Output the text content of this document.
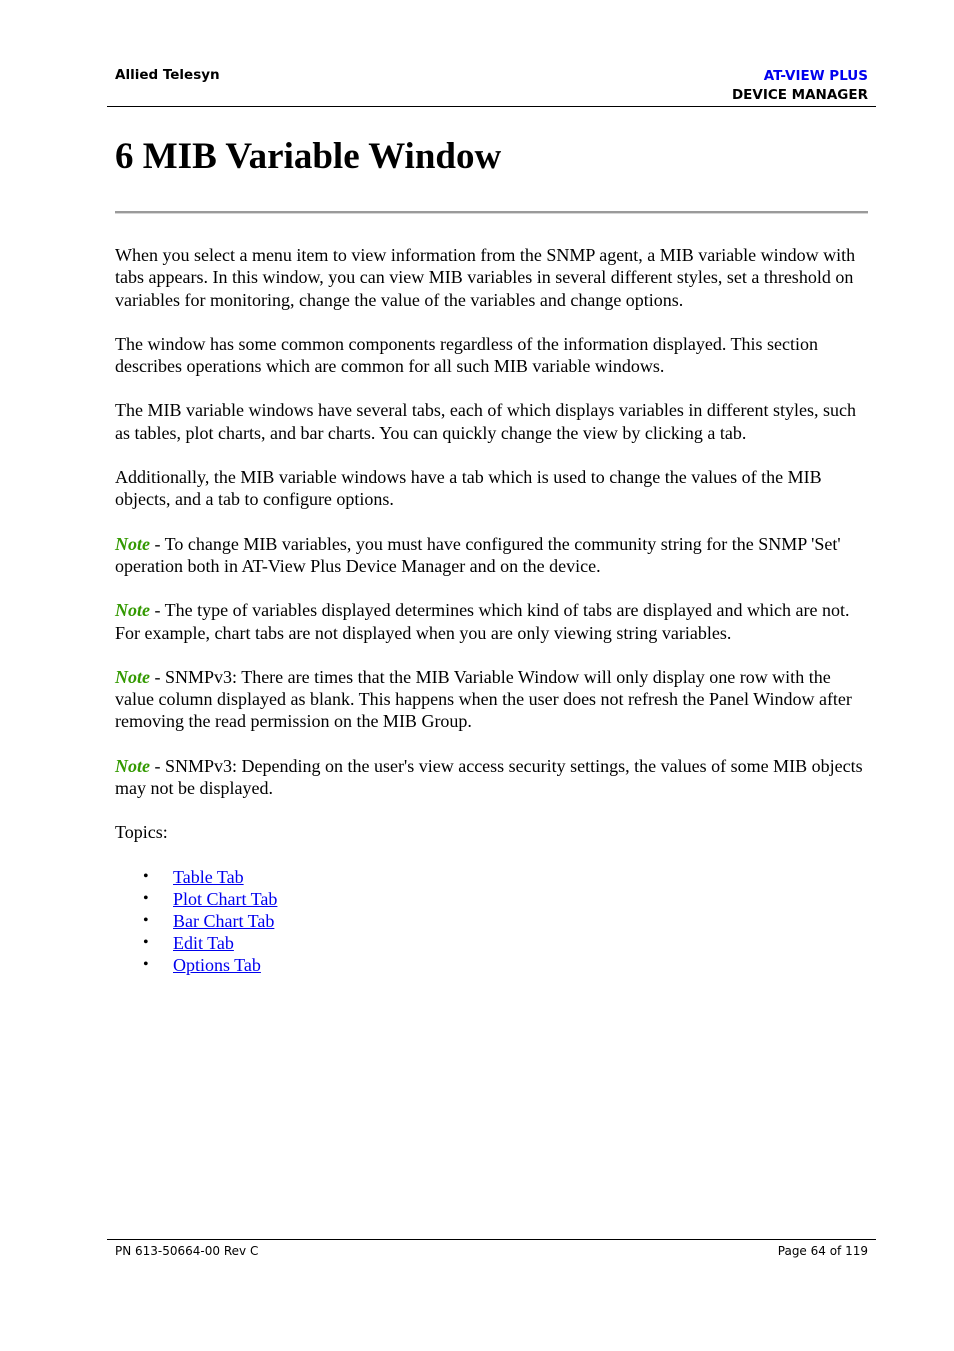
Allied Telesyn	AT-VIEW PLUS
DEVICE MANAGER
6 MIB Variable Window

When you select a menu item to view information from the SNMP agent, a MIB variable window with tabs appears. In this window, you can view MIB variables in several different styles, set a threshold on variables for monitoring, change the value of the variables and change options.

The window has some common components regardless of the information displayed. This section describes operations which are common for all such MIB variable windows.

The MIB variable windows have several tabs, each of which displays variables in different styles, such as tables, plot charts, and bar charts. You can quickly change the view by clicking a tab.

Additionally, the MIB variable windows have a tab which is used to change the values of the MIB objects, and a tab to configure options.

Note - To change MIB variables, you must have configured the community string for the SNMP 'Set' operation both in AT-View Plus Device Manager and on the device.

Note - The type of variables displayed determines which kind of tabs are displayed and which are not. For example, chart tabs are not displayed when you are only viewing string variables.

Note - SNMPv3: There are times that the MIB Variable Window will only display one row with the value column displayed as blank. This happens when the user does not refresh the Panel Window after removing the read permission on the MIB Group.

Note - SNMPv3: Depending on the user's view access security settings, the values of some MIB objects may not be displayed.

Topics:

• Table Tab
• Plot Chart Tab
• Bar Chart Tab
• Edit Tab
• Options Tab
PN 613-50664-00 Rev C	Page 64 of 119
